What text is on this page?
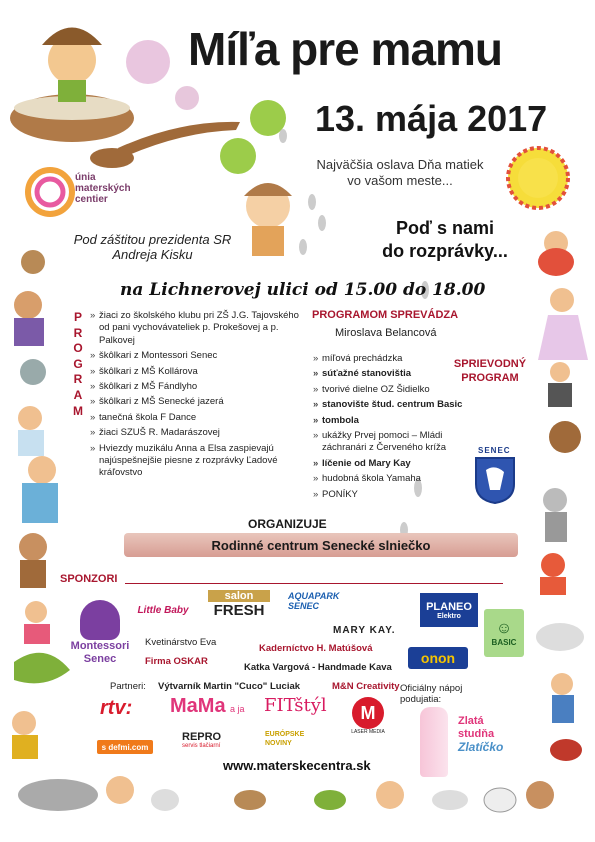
Míľa pre mamu
13. mája 2017
Najväčšia oslava Dňa matiek
vo vašom meste...
Poď s nami
do rozprávky...
únia
materských
centier
Pod záštitou prezidenta SR
Andreja Kisku
na Lichnerovej ulici od 15.00 do 18.00
P
R
O
G
R
A
M
» žiaci zo školského klubu pri ZŠ J.G. Tajovského od pani vychovávateliek p. Prokešovej a p. Palkovej
» škôlkari z Montessori Senec
» škôlkari z MŠ Kollárova
» škôlkari z MŠ Fándlyho
» škôlkari z MŠ Senecké jazerá
» tanečná škola F Dance
» žiaci SZUŠ R. Madarászovej
» Hviezdy muzikálu Anna a Elsa zaspievajú najúspešnejšie piesne z rozprávky Ľadové kráľovstvo
PROGRAMOM SPREVÁDZA
Miroslava Belancová
SPRIEVODNÝ
PROGRAM
» míľová prechádzka
» súťažné stanovištia
» tvorivé dielne OZ Šidielko
» stanovište štud. centrum Basic
» tombola
» ukážky Prvej pomoci – Mládi záchranári z Červeného kríža
» líčenie od Mary Kay
» hudobná škola Yamaha
» PONÍKY
SENEC
ORGANIZUJE
Rodinné centrum Senecké slniečko
SPONZORI
Montessori Senec
Little Baby
salon
FRESH
AQUAPARK SENEC	PLANEO
Elektro
☺
BASIC
Kvetinárstvo Eva
Firma OSKAR
Kaderníctvo H. Matúšová
MARY KAY.
Katka Vargová - Handmade Kava
onon
Partneri: Výtvarník Martin "Cuco" Luciak	M&N Creativity
rtv: MaMa a ja FITštýl	M
LASER MEDIA
s defmi.com
REPRO
servis tlačiarní
EURÓPSKE NOVINY
Oficiálny nápoj
podujatia:
Zlatá
studňa
Zlatíčko
www.materskecentra.sk
